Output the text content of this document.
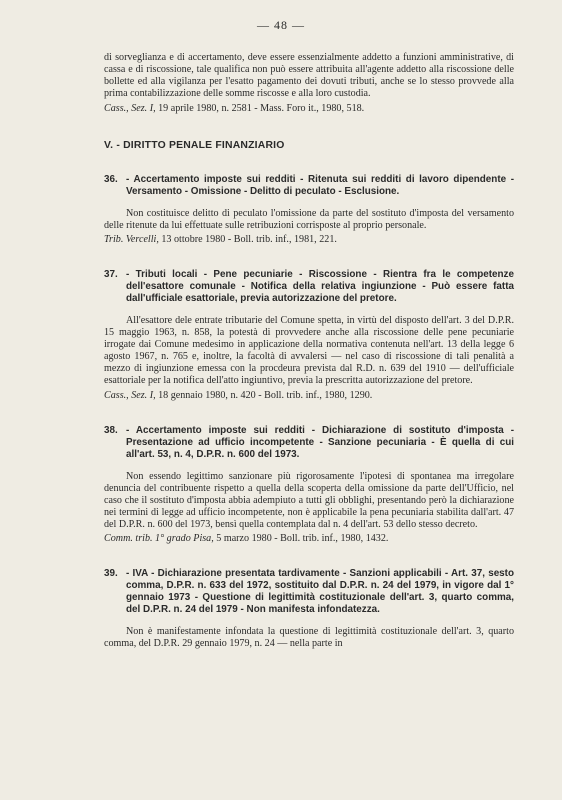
— 48 —

di sorveglianza e di accertamento, deve essere essenzialmente addetto a funzioni amministrative, di cassa e di riscossione, tale qualifica non può essere attribuita all'agente addetto alla riscossione delle bollette ed alla vigilanza per l'esatto pagamento dei dovuti tributi, anche se lo stesso provvede alla prima contabilizzazione delle somme riscosse e alla loro custodia.

Cass., Sez. I, 19 aprile 1980, n. 2581 - Mass. Foro it., 1980, 518.
V. - DIRITTO PENALE FINANZIARIO
36. - Accertamento imposte sui redditi - Ritenuta sui redditi di lavoro dipendente - Versamento - Omissione - Delitto di peculato - Esclusione.

Non costituisce delitto di peculato l'omissione da parte del sostituto d'imposta del versamento delle ritenute da lui effettuate sulle retribuzioni corrisposte al proprio personale.

Trib. Vercelli, 13 ottobre 1980 - Boll. trib. inf., 1981, 221.
37. - Tributi locali - Pene pecuniarie - Riscossione - Rientra fra le competenze dell'esattore comunale - Notifica della relativa ingiunzione - Può essere fatta dall'ufficiale esattoriale, previa autorizzazione del pretore.

All'esattore dele entrate tributarie del Comune spetta, in virtù del disposto dell'art. 3 del D.P.R. 15 maggio 1963, n. 858, la potestà di provvedere anche alla riscossione delle pene pecuniarie irrogate dai Comune medesimo in applicazione della normativa contenuta nell'art. 13 della legge 6 agosto 1967, n. 765 e, inoltre, la facoltà di avvalersi — nel caso di riscossione di tali penalità a mezzo di ingiunzione emessa con la procdeura prevista dal R.D. n. 639 del 1910 — dell'ufficiale esattoriale per la notifica dell'atto ingiuntivo, previa la prescritta autorizzazione del pretore.

Cass., Sez. I, 18 gennaio 1980, n. 420 - Boll. trib. inf., 1980, 1290.
38. - Accertamento imposte sui redditi - Dichiarazione di sostituto d'imposta - Presentazione ad ufficio incompetente - Sanzione pecuniaria - È quella di cui all'art. 53, n. 4, D.P.R. n. 600 del 1973.

Non essendo legittimo sanzionare più rigorosamente l'ipotesi di spontanea ma irregolare denuncia del contribuente rispetto a quella della scoperta della omissione da parte dell'Ufficio, nel caso che il sostituto d'imposta abbia adempiuto a tutti gli obblighi, presentando però la dichiarazione nei termini di legge ad ufficio incompetente, non è applicabile la pena pecuniaria stabilita dall'art. 47 del D.P.R. n. 600 del 1973, bensì quella contemplata dal n. 4 dell'art. 53 dello stesso decreto.

Comm. trib. 1° grado Pisa, 5 marzo 1980 - Boll. trib. inf., 1980, 1432.
39. - IVA - Dichiarazione presentata tardivamente - Sanzioni applicabili - Art. 37, sesto comma, D.P.R. n. 633 del 1972, sostituito dal D.P.R. n. 24 del 1979, in vigore dal 1° gennaio 1973 - Questione di legittimità costituzionale dell'art. 3, quarto comma, del D.P.R. n. 24 del 1979 - Non manifesta infondatezza.

Non è manifestamente infondata la questione di legittimità costituzionale dell'art. 3, quarto comma, del D.P.R. 29 gennaio 1979, n. 24 — nella parte in
